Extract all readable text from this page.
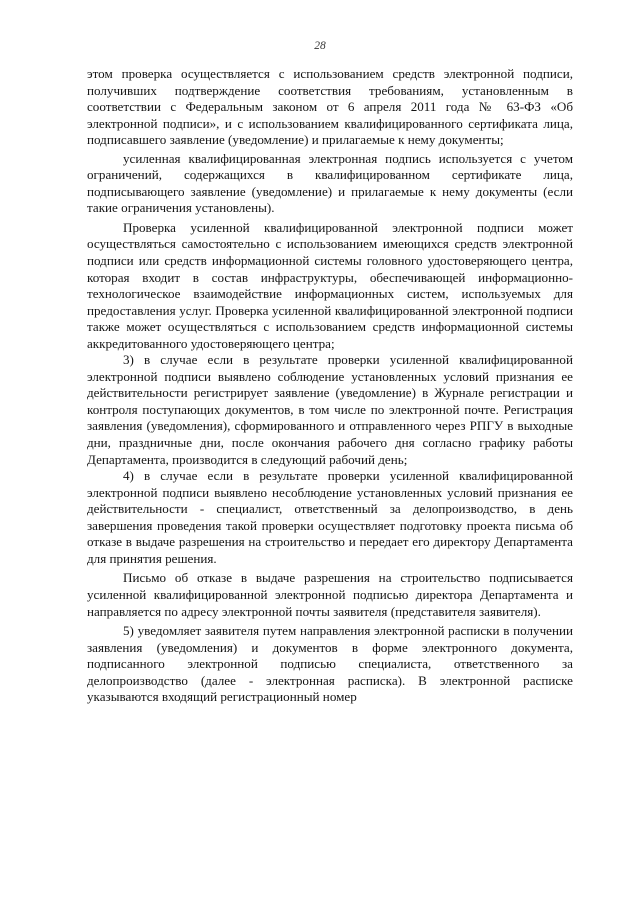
28

этом проверка осуществляется с использованием средств электронной подписи, получивших подтверждение соответствия требованиям, установленным в соответствии с Федеральным законом от 6 апреля 2011 года № 63-ФЗ «Об электронной подписи», и с использованием квалифицированного сертификата лица, подписавшего заявление (уведомление) и прилагаемые к нему документы;

усиленная квалифицированная электронная подпись используется с учетом ограничений, содержащихся в квалифицированном сертификате лица, подписывающего заявление (уведомление) и прилагаемые к нему документы (если такие ограничения установлены).

Проверка усиленной квалифицированной электронной подписи может осуществляться самостоятельно с использованием имеющихся средств электронной подписи или средств информационной системы головного удостоверяющего центра, которая входит в состав инфраструктуры, обеспечивающей информационно-технологическое взаимодействие информационных систем, используемых для предоставления услуг. Проверка усиленной квалифицированной электронной подписи также может осуществляться с использованием средств информационной системы аккредитованного удостоверяющего центра;

3) в случае если в результате проверки усиленной квалифицированной электронной подписи выявлено соблюдение установленных условий признания ее действительности регистрирует заявление (уведомление) в Журнале регистрации и контроля поступающих документов, в том числе по электронной почте. Регистрация заявления (уведомления), сформированного и отправленного через РПГУ в выходные дни, праздничные дни, после окончания рабочего дня согласно графику работы Департамента, производится в следующий рабочий день;

4) в случае если в результате проверки усиленной квалифицированной электронной подписи выявлено несоблюдение установленных условий признания ее действительности - специалист, ответственный за делопроизводство, в день завершения проведения такой проверки осуществляет подготовку проекта письма об отказе в выдаче разрешения на строительство и передает его директору Департамента для принятия решения.

Письмо об отказе в выдаче разрешения на строительство подписывается усиленной квалифицированной электронной подписью директора Департамента и направляется по адресу электронной почты заявителя (представителя заявителя).

5) уведомляет заявителя путем направления электронной расписки в получении заявления (уведомления) и документов в форме электронного документа, подписанного электронной подписью специалиста, ответственного за делопроизводство (далее - электронная расписка). В электронной расписке указываются входящий регистрационный номер
